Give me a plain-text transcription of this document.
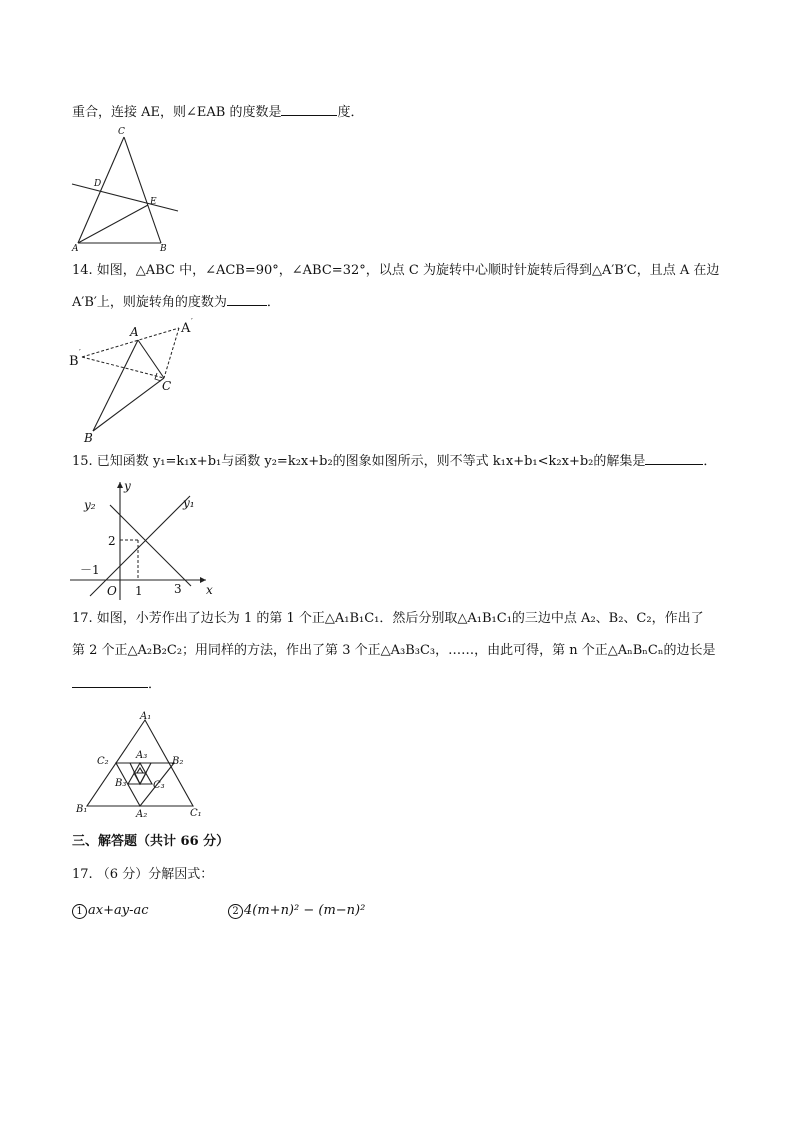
重合，连接 AE，则∠EAB 的度数是	度．
C
D
E
A	B
14. 如图，△ABC 中，∠ACB=90°，∠ABC=32°，以点 C 为旋转中心顺时针旋转后得到△A′B′C，且点 A 在边
A′B′上，则旋转角的度数为	．
A	A ′
B
′
C
B
15. 已知函数 y₁=k₁x+b₁与函数 y₂=k₂x+b₂的图象如图所示，则不等式 k₁x+b₁<k₂x+b₂的解集是	．
y
y₂	y₁
2
－1
O 1	3 x
17. 如图，小芳作出了边长为 1 的第 1 个正△A₁B₁C₁．然后分别取△A₁B₁C₁的三边中点 A₂、B₂、C₂，作出了
第 2 个正△A₂B₂C₂；用同样的方法，作出了第 3 个正△A₃B₃C₃，……，由此可得，第 n 个正△AₙBₙCₙ的边长是
．
A₁
C₂
A₃
B₂
B₃	C₃
B₁	A₂	C₁
三、解答题（共计 66 分）
17. （6 分）分解因式：
1 ax+ay-ac	2 4(m+n)² − (m−n)²
